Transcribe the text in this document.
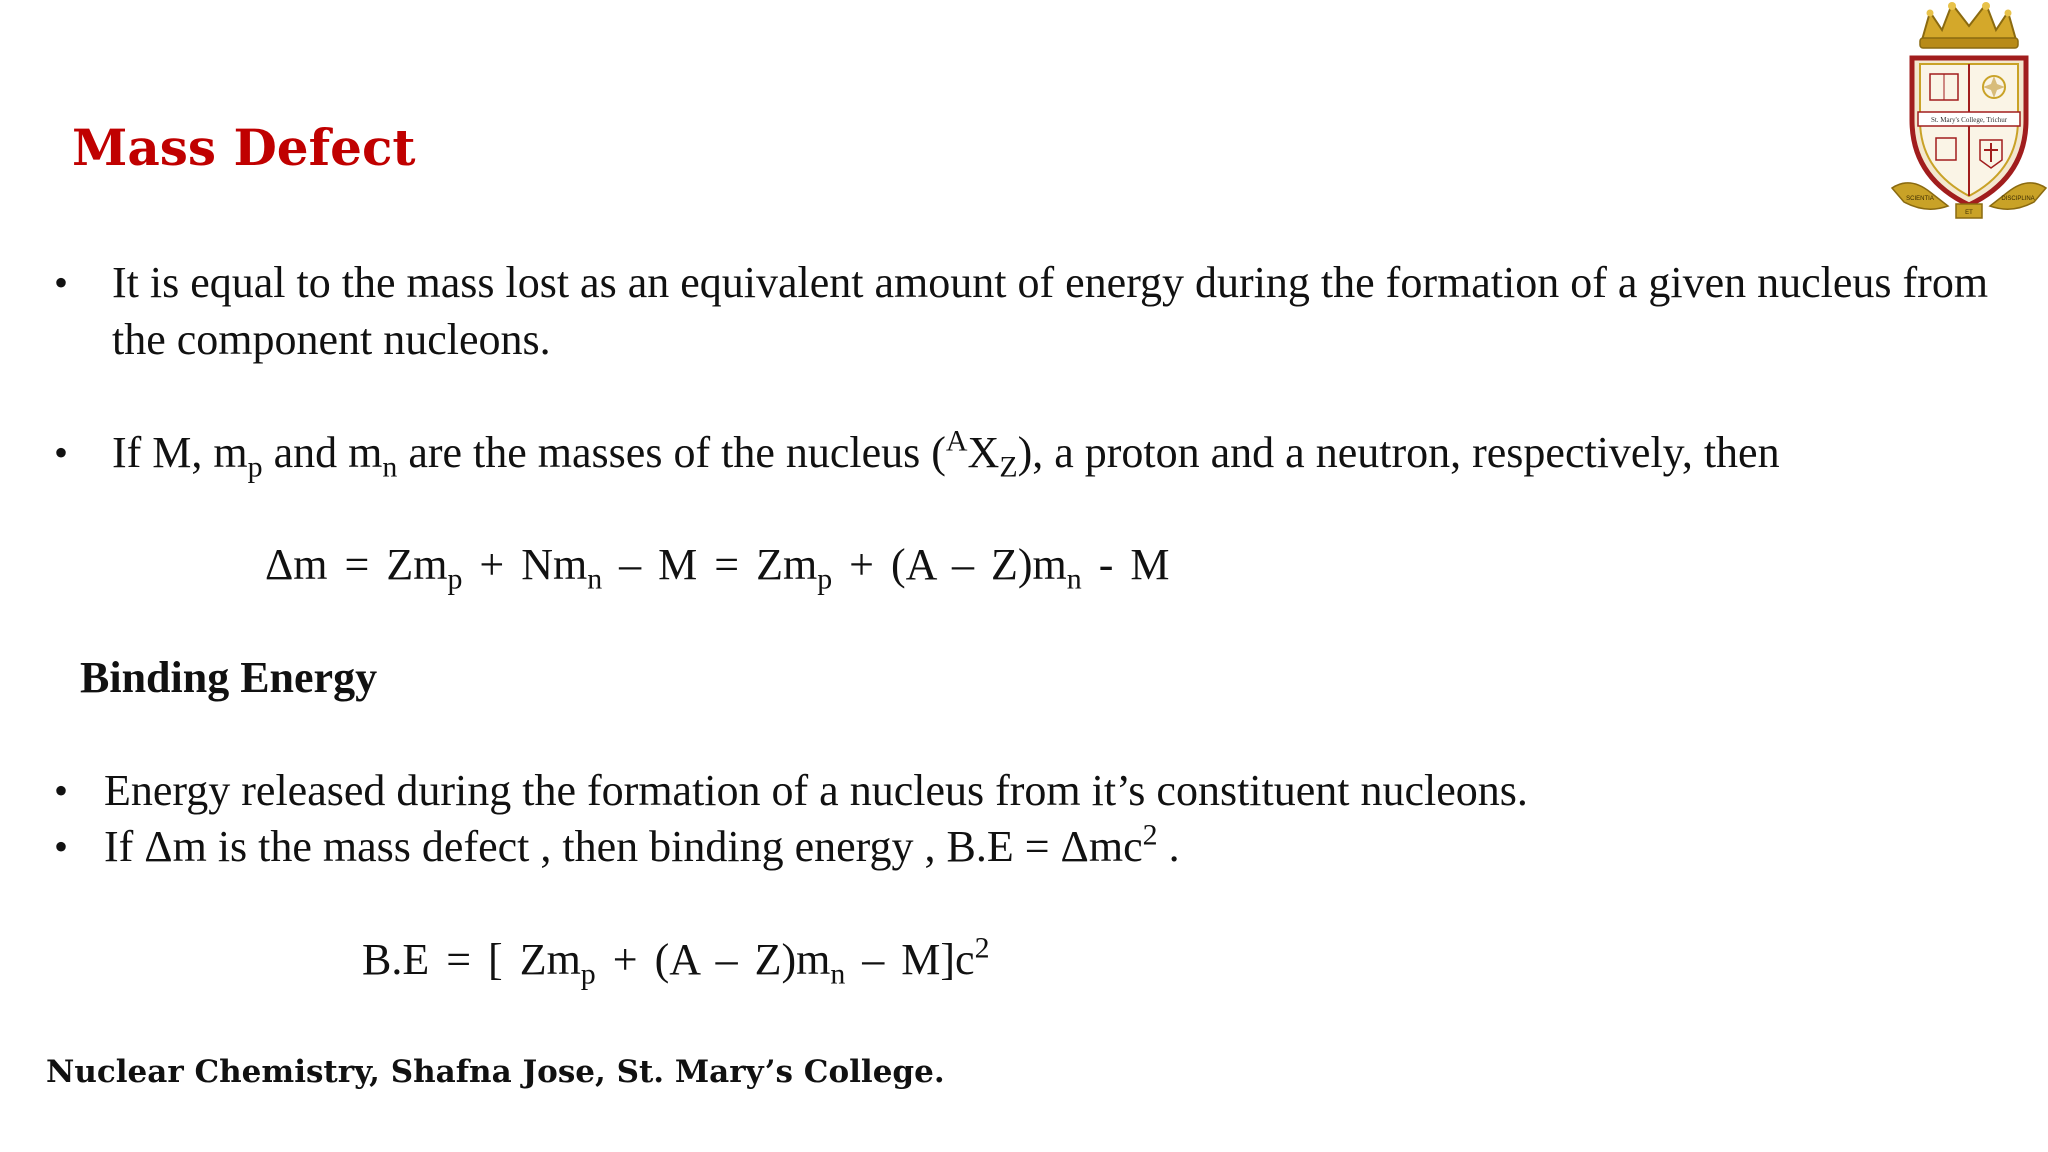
Mass Defect	St. Mary's College, Trichur
SCIENTIA	DISCIPLINA
ET
• It is equal to the mass lost as an equivalent amount of energy during the formation of a given nucleus from the component nucleons.
• If M, $m_p$ and $m_n$ are the masses of the nucleus $(^AX_Z)$, a proton and a neutron, respectively, then
$\Delta m = Zm_p + Nm_n - M = Zm_p + (A - Z)m_n - M$
Binding Energy
• Energy released during the formation of a nucleus from it’s constituent nucleons.
• If Δm is the mass defect , then binding energy , B.E = Δmc$^2$ .
B.E = [ $Zm_p + (A - Z)m_n - M]c^2$
Nuclear Chemistry, Shafna Jose, St. Mary’s College.
